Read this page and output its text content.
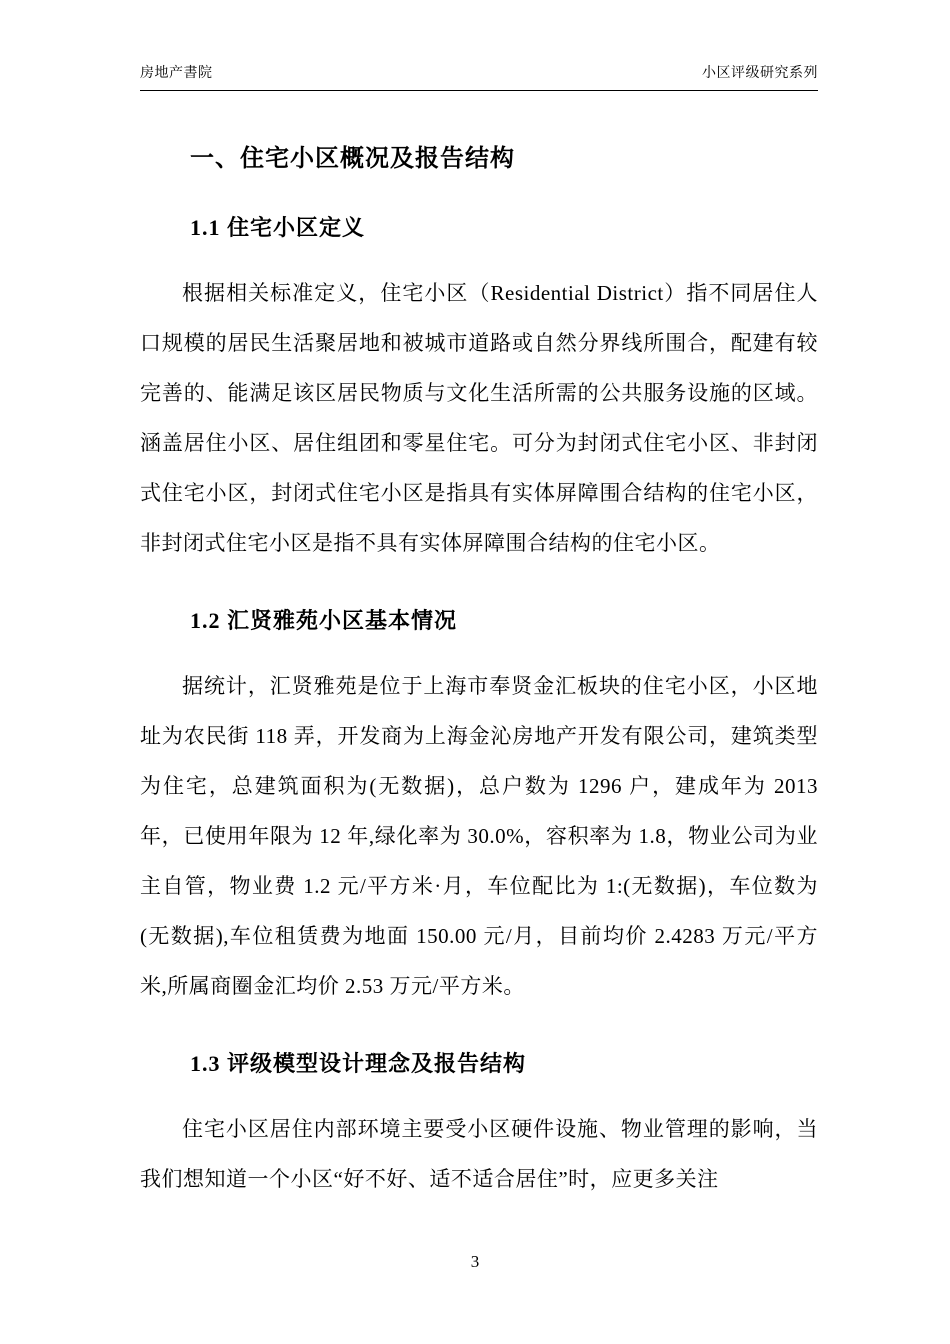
房地产書院	小区评级研究系列
一、住宅小区概况及报告结构
1.1 住宅小区定义

根据相关标准定义，住宅小区（Residential District）指不同居住人口规模的居民生活聚居地和被城市道路或自然分界线所围合，配建有较完善的、能满足该区居民物质与文化生活所需的公共服务设施的区域。涵盖居住小区、居住组团和零星住宅。可分为封闭式住宅小区、非封闭式住宅小区，封闭式住宅小区是指具有实体屏障围合结构的住宅小区，非封闭式住宅小区是指不具有实体屏障围合结构的住宅小区。

1.2 汇贤雅苑小区基本情况

据统计，汇贤雅苑是位于上海市奉贤金汇板块的住宅小区，小区地址为农民街 118 弄，开发商为上海金沁房地产开发有限公司，建筑类型为住宅，总建筑面积为(无数据)，总户数为 1296 户，建成年为 2013 年，已使用年限为 12 年,绿化率为 30.0%，容积率为 1.8，物业公司为业主自管，物业费 1.2 元/平方米·月，车位配比为 1:(无数据)，车位数为(无数据),车位租赁费为地面 150.00 元/月，目前均价 2.4283 万元/平方米,所属商圈金汇均价 2.53 万元/平方米。

1.3 评级模型设计理念及报告结构

住宅小区居住内部环境主要受小区硬件设施、物业管理的影响，当我们想知道一个小区“好不好、适不适合居住”时，应更多关注

3
